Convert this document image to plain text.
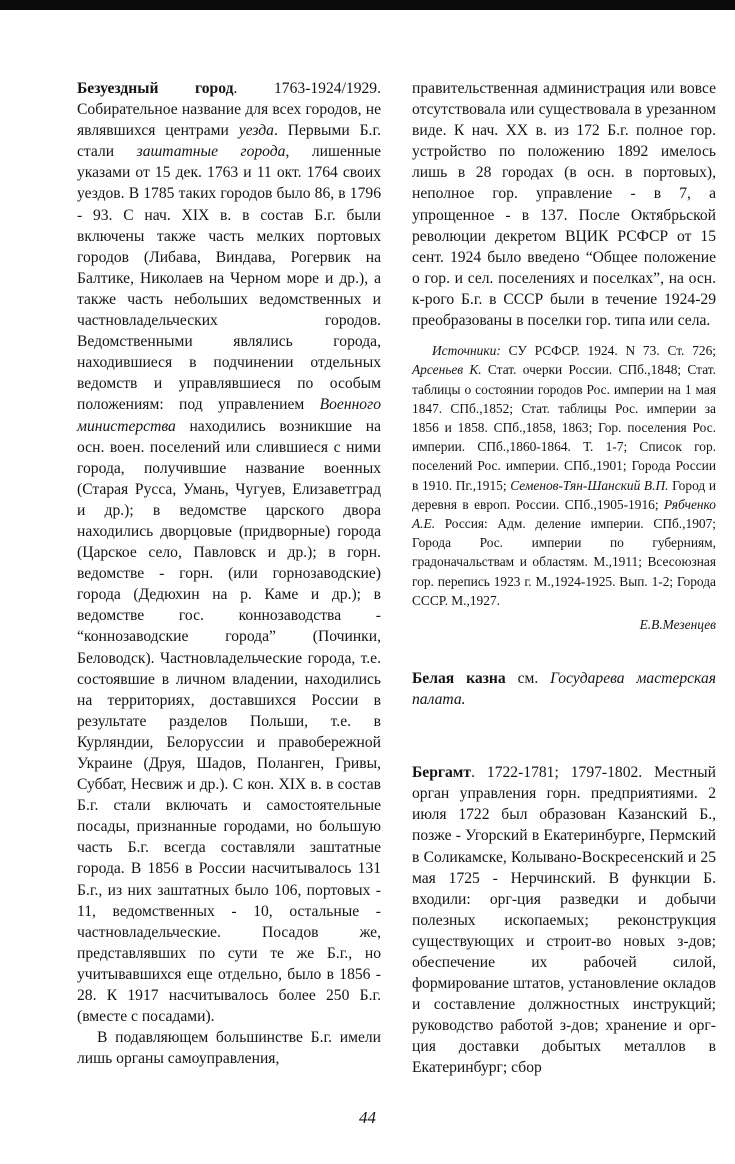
Безуездный город. 1763-1924/1929. Собирательное название для всех городов, не являвшихся центрами уезда. Первыми Б.г. стали заштатные города, лишенные указами от 15 дек. 1763 и 11 окт. 1764 своих уездов. В 1785 таких городов было 86, в 1796 - 93. С нач. XIX в. в состав Б.г. были включены также часть мелких портовых городов (Либава, Виндава, Рогервик на Балтике, Николаев на Черном море и др.), а также часть небольших ведомственных и частновладельческих городов. Ведомственными являлись города, находившиеся в подчинении отдельных ведомств и управлявшиеся по особым положениям: под управлением Военного министерства находились возникшие на осн. воен. поселений или слившиеся с ними города, получившие название военных (Старая Русса, Умань, Чугуев, Елизаветград и др.); в ведомстве царского двора находились дворцовые (придворные) города (Царское село, Павловск и др.); в горн. ведомстве - горн. (или горнозаводские) города (Дедюхин на р. Каме и др.); в ведомстве гос. коннозаводства - “коннозаводские города” (Починки, Беловодск). Частновладельческие города, т.е. состоявшие в личном владении, находились на территориях, доставшихся России в результате разделов Польши, т.е. в Курляндии, Белоруссии и правобережной Украине (Друя, Шадов, Поланген, Гривы, Суббат, Несвиж и др.). С кон. XIX в. в состав Б.г. стали включать и самостоятельные посады, признанные городами, но большую часть Б.г. всегда составляли заштатные города. В 1856 в России насчитывалось 131 Б.г., из них заштатных было 106, портовых - 11, ведомственных - 10, остальные - частновладельческие. Посадов же, представлявших по сути те же Б.г., но учитывавшихся еще отдельно, было в 1856 - 28. К 1917 насчитывалось более 250 Б.г. (вместе с посадами).

В подавляющем большинстве Б.г. имели лишь органы самоуправления,

правительственная администрация или вовсе отсутствовала или существовала в урезанном виде. К нач. XX в. из 172 Б.г. полное гор. устройство по положению 1892 имелось лишь в 28 городах (в осн. в портовых), неполное гор. управление - в 7, а упрощенное - в 137. После Октябрьской революции декретом ВЦИК РСФСР от 15 сент. 1924 было введено “Общее положение о гор. и сел. поселениях и поселках”, на осн. к-рого Б.г. в СССР были в течение 1924-29 преобразованы в поселки гор. типа или села.

Источники: СУ РСФСР. 1924. N 73. Ст. 726; Арсеньев К. Стат. очерки России. СПб.,1848; Стат. таблицы о состоянии городов Рос. империи на 1 мая 1847. СПб.,1852; Стат. таблицы Рос. империи за 1856 и 1858. СПб.,1858, 1863; Гор. поселения Рос. империи. СПб.,1860-1864. Т. 1-7; Список гор. поселений Рос. империи. СПб.,1901; Города России в 1910. Пг.,1915; Семенов-Тян-Шанский В.П. Город и деревня в европ. России. СПб.,1905-1916; Рябченко А.Е. Россия: Адм. деление империи. СПб.,1907; Города Рос. империи по губерниям, градоначальствам и областям. М.,1911; Всесоюзная гор. перепись 1923 г. М.,1924-1925. Вып. 1-2; Города СССР. М.,1927.

Е.В.Мезенцев

Белая казна см. Государева мастерская палата.

Бергамт. 1722-1781; 1797-1802. Местный орган управления горн. предприятиями. 2 июля 1722 был образован Казанский Б., позже - Угорский в Екатеринбурге, Пермский в Соликамске, Колывано-Воскресенский и 25 мая 1725 - Нерчинский. В функции Б. входили: орг-ция разведки и добычи полезных ископаемых; реконструкция существующих и строит-во новых з-дов; обеспечение их рабочей силой, формирование штатов, установление окладов и составление должностных инструкций; руководство работой з-дов; хранение и орг-ция доставки добытых металлов в Екатеринбург; сбор

44
